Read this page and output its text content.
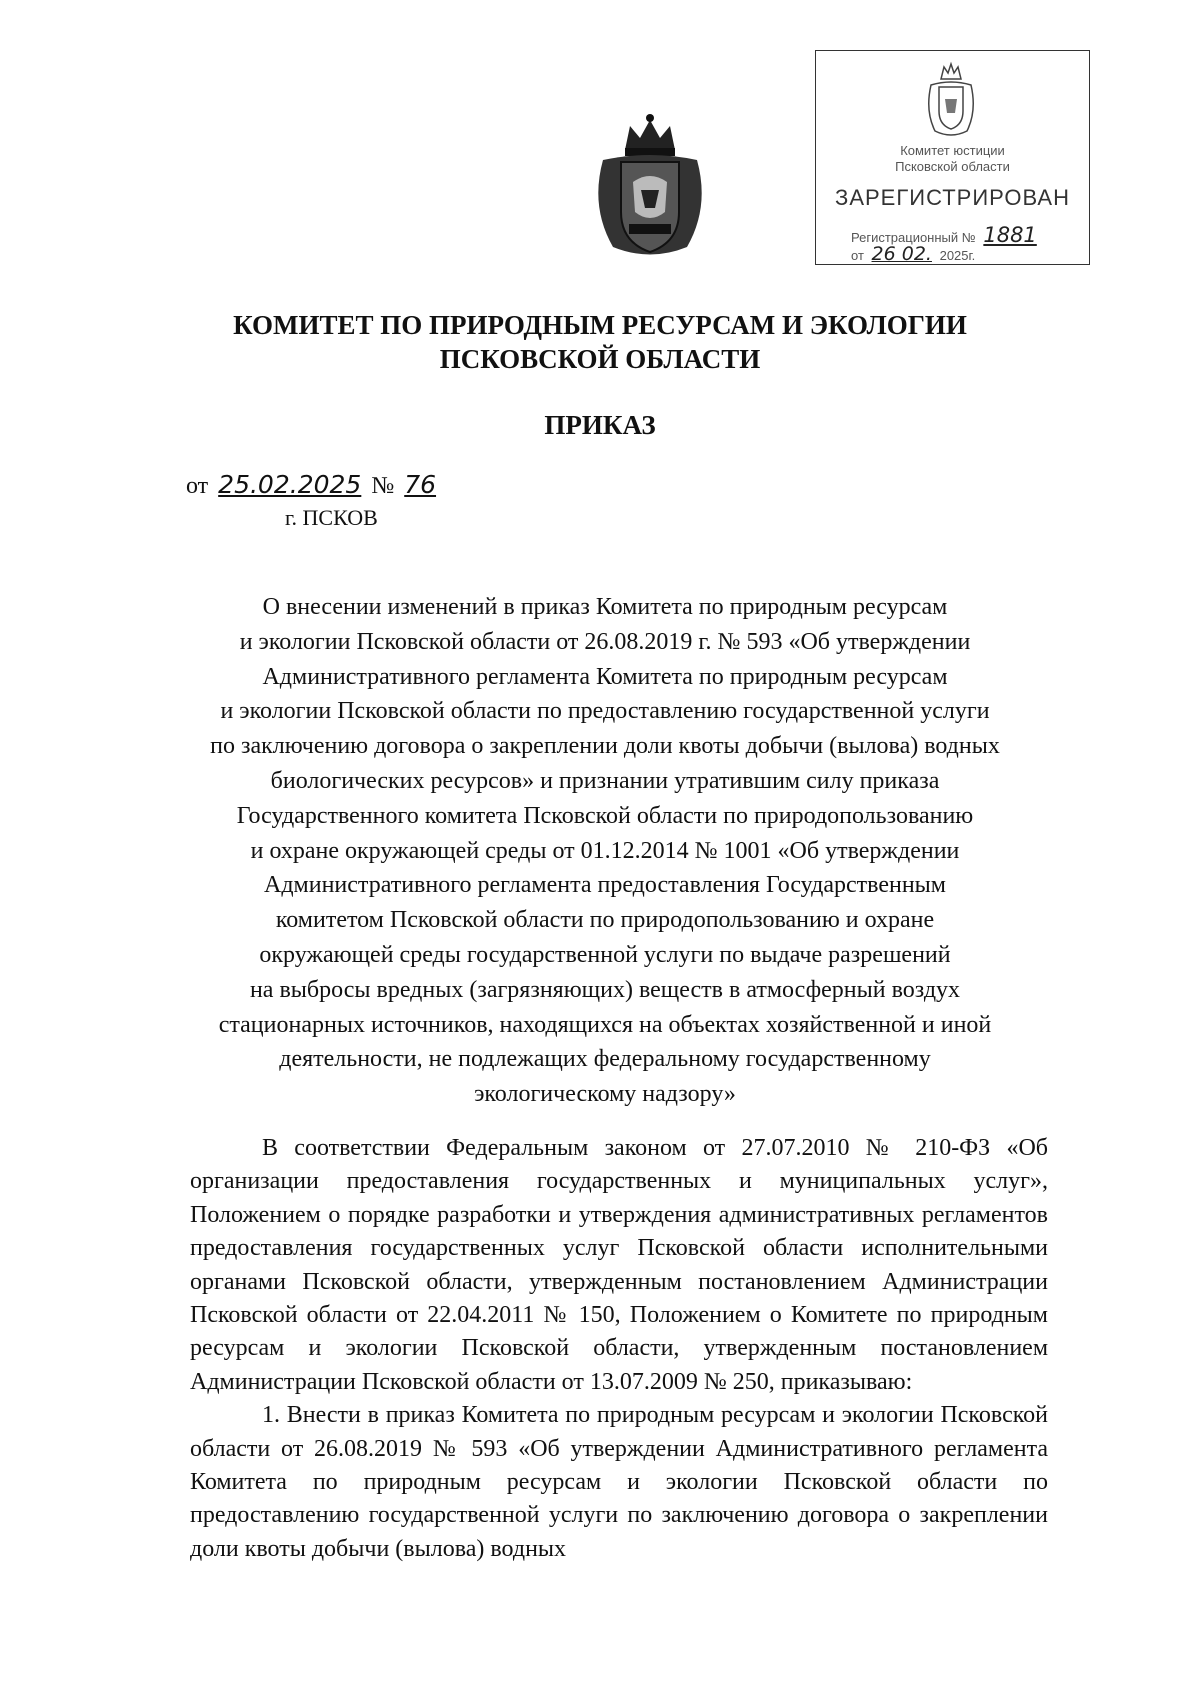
Комитет юстиции
Псковской области
ЗАРЕГИСТРИРОВАН
Регистрационный № 1881
от 26 02. 2025г.
КОМИТЕТ ПО ПРИРОДНЫМ РЕСУРСАМ И ЭКОЛОГИИ
ПСКОВСКОЙ ОБЛАСТИ
ПРИКАЗ
от 25.02.2025 № 76
г. ПСКОВ
О внесении изменений в приказ Комитета по природным ресурсам
и экологии Псковской области от 26.08.2019 г. № 593 «Об утверждении
Административного регламента Комитета по природным ресурсам
и экологии Псковской области по предоставлению государственной услуги
по заключению договора о закреплении доли квоты добычи (вылова) водных
биологических ресурсов» и признании утратившим силу приказа
Государственного комитета Псковской области по природопользованию
и охране окружающей среды от 01.12.2014 № 1001 «Об утверждении
Административного регламента предоставления Государственным
комитетом Псковской области по природопользованию и охране
окружающей среды государственной услуги по выдаче разрешений
на выбросы вредных (загрязняющих) веществ в атмосферный воздух
стационарных источников, находящихся на объектах хозяйственной и иной
деятельности, не подлежащих федеральному государственному
экологическому надзору»

В соответствии Федеральным законом от 27.07.2010 № 210-ФЗ «Об организации предоставления государственных и муниципальных услуг», Положением о порядке разработки и утверждения административных регламентов предоставления государственных услуг Псковской области исполнительными органами Псковской области, утвержденным постановлением Администрации Псковской области от 22.04.2011 № 150, Положением о Комитете по природным ресурсам и экологии Псковской области, утвержденным постановлением Администрации Псковской области от 13.07.2009 № 250, приказываю:

1. Внести в приказ Комитета по природным ресурсам и экологии Псковской области от 26.08.2019 № 593 «Об утверждении Административного регламента Комитета по природным ресурсам и экологии Псковской области по предоставлению государственной услуги по заключению договора о закреплении доли квоты добычи (вылова) водных
